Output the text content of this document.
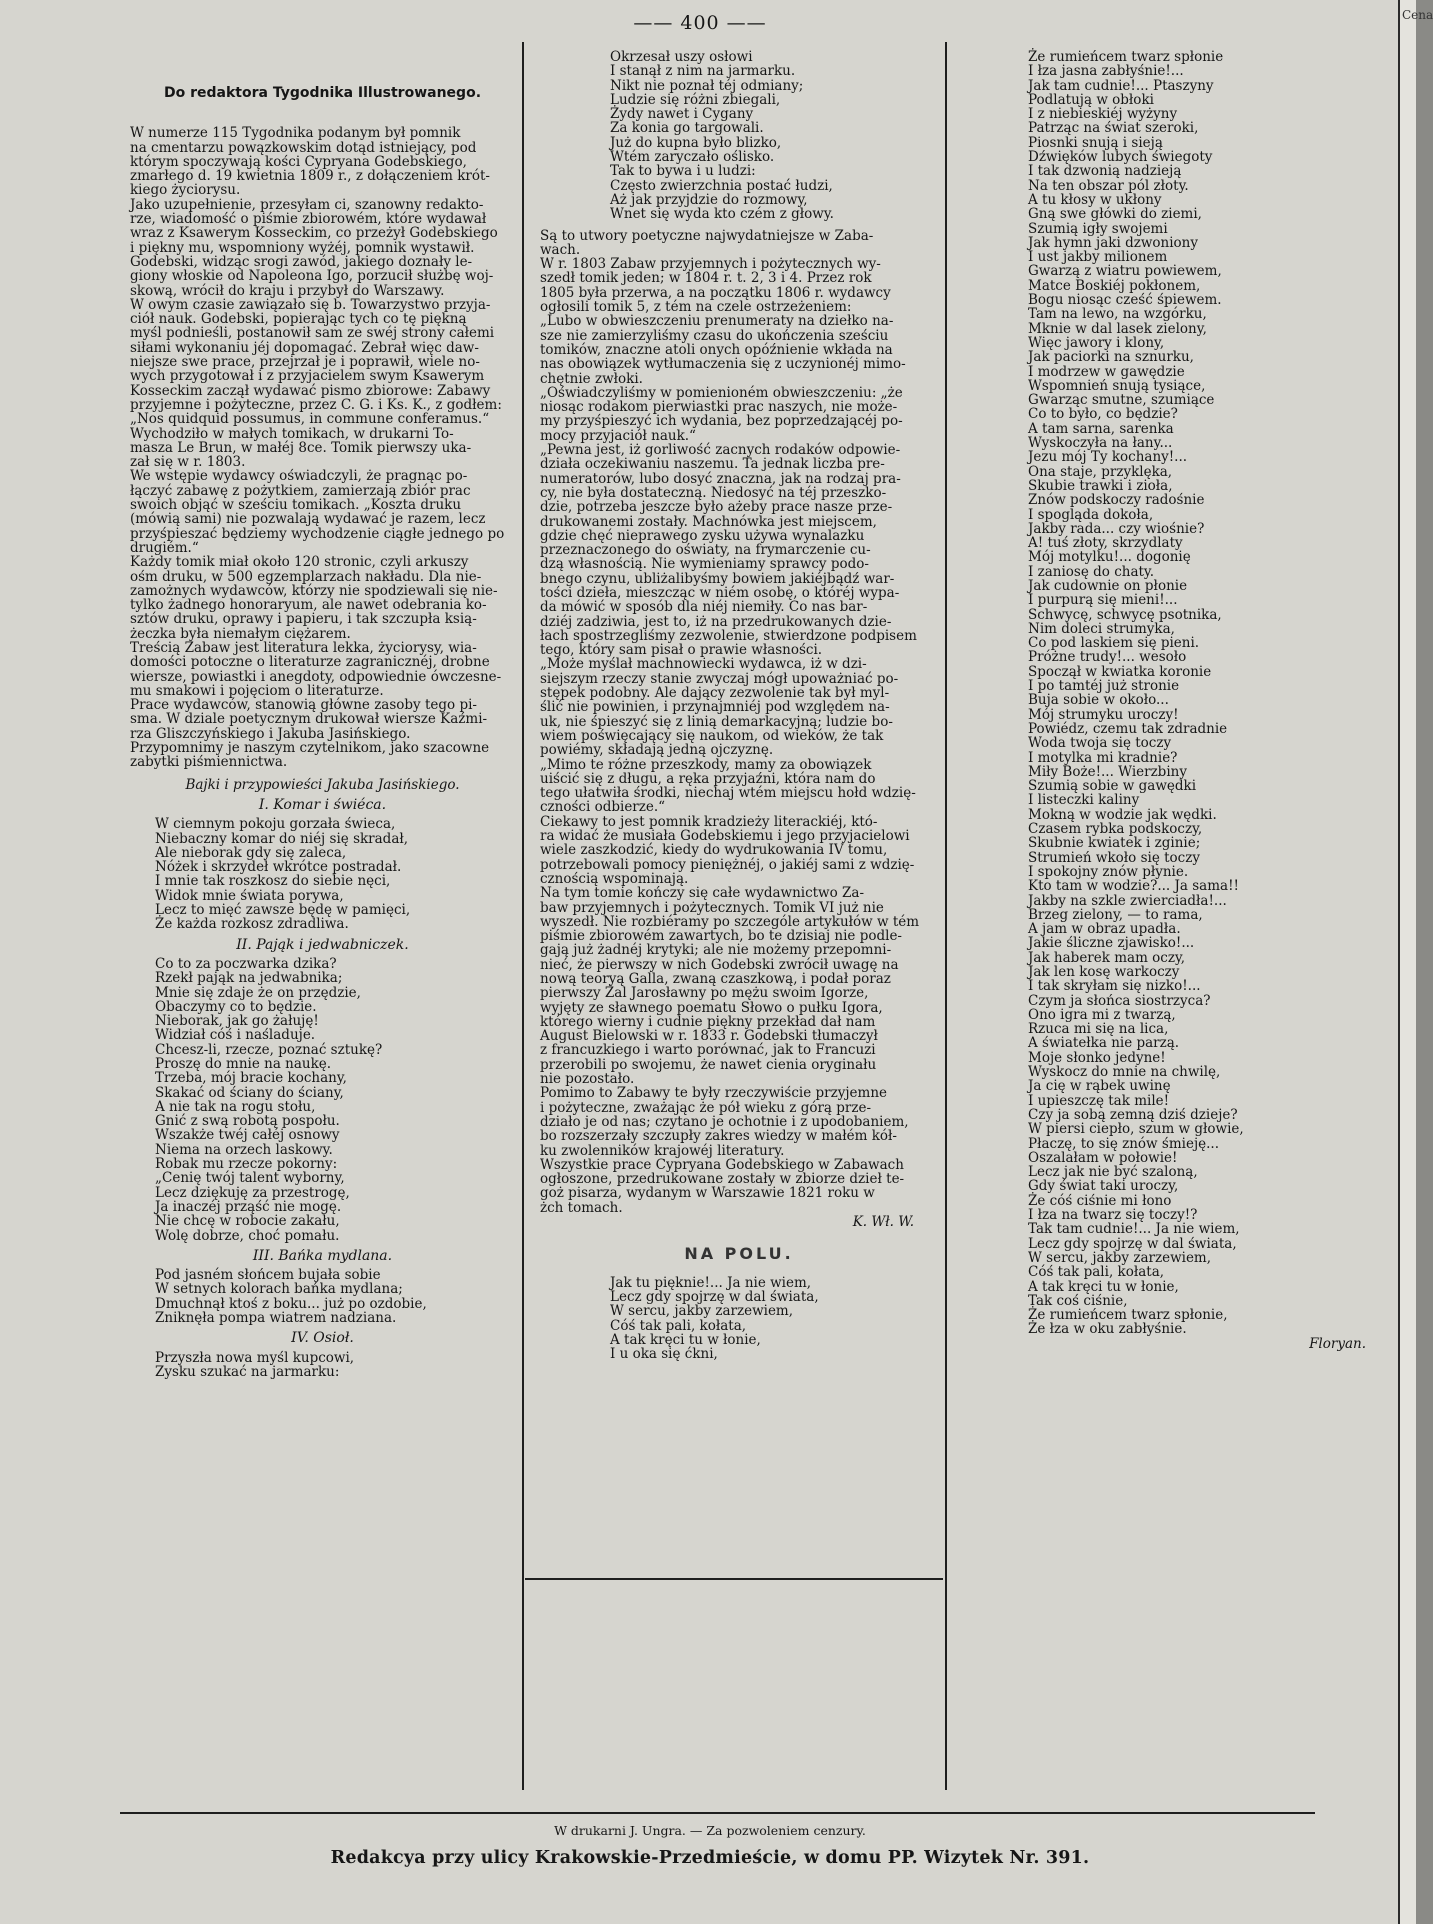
—— 400 ——
Do redaktora Tygodnika Illustrowanego.
W numerze 115 Tygodnika podanym był pomnik
na cmentarzu powązkowskim dotąd istniejący, pod
którym spoczywają kości Cypryana Godebskiego,
zmarłego d. 19 kwietnia 1809 r., z dołączeniem krót-
kiego życiorysu.
Jako uzupełnienie, przesyłam ci, szanowny redakto-
rze, wiadomość o piśmie zbiorowém, które wydawał
wraz z Ksawerym Kosseckim, co przeżył Godebskiego
i piękny mu, wspomniony wyżéj, pomnik wystawił.
Godebski, widząc srogi zawód, jakiego doznały le-
giony włoskie od Napoleona Igo, porzucił służbę woj-
skową, wrócił do kraju i przybył do Warszawy.
W owym czasie zawiązało się b. Towarzystwo przyja-
ciół nauk. Godebski, popierając tych co tę piękną
myśl podnieśli, postanowił sam ze swéj strony całemi
siłami wykonaniu jéj dopomagać. Zebrał więc daw-
niejsze swe prace, przejrzał je i poprawił, wiele no-
wych przygotował i z przyjacielem swym Ksawerym
Kosseckim zaczął wydawać pismo zbiorowe: Zabawy
przyjemne i pożyteczne, przez C. G. i Ks. K., z godłem:
„Nos quidquid possumus, in commune conferamus.“
Wychodziło w małych tomikach, w drukarni To-
masza Le Brun, w małéj 8ce. Tomik pierwszy uka-
zał się w r. 1803.
We wstępie wydawcy oświadczyli, że pragnąc po-
łączyć zabawę z pożytkiem, zamierzają zbiór prac
swoich objąć w sześciu tomikach. „Koszta druku
(mówią sami) nie pozwalają wydawać je razem, lecz
przyśpieszać będziemy wychodzenie ciągłe jednego po
drugiém.“
Każdy tomik miał około 120 stronic, czyli arkuszy
ośm druku, w 500 egzemplarzach nakładu. Dla nie-
zamożnych wydawców, którzy nie spodziewali się nie-
tylko żadnego honoraryum, ale nawet odebrania ko-
sztów druku, oprawy i papieru, i tak szczupła ksią-
żeczka była niemałym ciężarem.
Treścią Zabaw jest literatura lekka, życiorysy, wia-
domości potoczne o literaturze zagranicznéj, drobne
wiersze, powiastki i anegdoty, odpowiednie ówczesne-
mu smakowi i pojęciom o literaturze.
Prace wydawców, stanowią główne zasoby tego pi-
sma. W dziale poetycznym drukował wiersze Kaźmi-
rza Gliszczyńskiego i Jakuba Jasińskiego.
Przypomnimy je naszym czytelnikom, jako szacowne
zabytki piśmiennictwa.
Bajki i przypowieści Jakuba Jasińskiego.
I. Komar i świéca.
W ciemnym pokoju gorzała świeca,
Niebaczny komar do niéj się skradał,
Ale nieborak gdy się zaleca,
Nóżek i skrzydeł wkrótce postradał.
I mnie tak roszkosz do siebie nęci,
Widok mnie świata porywa,
Lecz to mięć zawsze będę w pamięci,
Że każda rozkosz zdradliwa.
II. Pająk i jedwabniczek.
Co to za poczwarka dzika?
Rzekł pająk na jedwabnika;
Mnie się zdaje że on przędzie,
Obaczymy co to będzie.
Nieborak, jak go żałuję!
Widział cóś i naśladuje.
Chcesz-li, rzecze, poznać sztukę?
Proszę do mnie na naukę.
Trzeba, mój bracie kochany,
Skakać od ściany do ściany,
A nie tak na rogu stołu,
Gnić z swą robotą pospołu.
Wszakże twéj całéj osnowy
Niema na orzech laskowy.
Robak mu rzecze pokorny:
„Cenię twój talent wyborny,
Lecz dziękuję za przestrogę,
Ja inaczéj prząść nie mogę.
Nie chcę w robocie zakału,
Wolę dobrze, choć pomału.
III. Bańka mydlana.
Pod jasném słońcem bujała sobie
W setnych kolorach bańka mydlana;
Dmuchnął ktoś z boku... już po ozdobie,
Zniknęła pompa wiatrem nadziana.
IV. Osioł.
Przyszła nowa myśl kupcowi,
Zysku szukać na jarmarku:
Okrzesał uszy osłowi
I stanął z nim na jarmarku.
Nikt nie poznał téj odmiany;
Ludzie się różni zbiegali,
Żydy nawet i Cygany
Za konia go targowali.
Już do kupna było blizko,
Wtém zaryczało oślisko.
Tak to bywa i u ludzi:
Często zwierzchnia postać łudzi,
Aż jak przyjdzie do rozmowy,
Wnet się wyda kto czém z głowy.
Są to utwory poetyczne najwydatniejsze w Zaba-
wach.
W r. 1803 Zabaw przyjemnych i pożytecznych wy-
szedł tomik jeden; w 1804 r. t. 2, 3 i 4. Przez rok
1805 była przerwa, a na początku 1806 r. wydawcy
ogłosili tomik 5, z tém na czele ostrzeżeniem:
„Lubo w obwieszczeniu prenumeraty na dziełko na-
sze nie zamierzyliśmy czasu do ukończenia sześciu
tomików, znaczne atoli onych opóźnienie wkłada na
nas obowiązek wytłumaczenia się z uczynionéj mimo-
chętnie zwłoki.
„Oświadczyliśmy w pomienioném obwieszczeniu: „że
niosąc rodakom pierwiastki prac naszych, nie może-
my przyśpieszyć ich wydania, bez poprzedzającéj po-
mocy przyjaciół nauk.“
„Pewna jest, iż gorliwość zacnych rodaków odpowie-
działa oczekiwaniu naszemu. Ta jednak liczba pre-
numeratorów, lubo dosyć znaczna, jak na rodzaj pra-
cy, nie była dostateczną. Niedosyć na téj przeszko-
dzie, potrzeba jeszcze było ażeby prace nasze prze-
drukowanemi zostały. Machnówka jest miejscem,
gdzie chęć nieprawego zysku używa wynalazku
przeznaczonego do oświaty, na frymarczenie cu-
dzą własnością. Nie wymieniamy sprawcy podo-
bnego czynu, ubliżalibyśmy bowiem jakiéjbądź war-
tości dzieła, mieszcząc w niém osobę, o któréj wypa-
da mówić w sposób dla niéj niemiły. Co nas bar-
dziéj zadziwia, jest to, iż na przedrukowanych dzie-
łach spostrzegliśmy zezwolenie, stwierdzone podpisem
tego, który sam pisał o prawie własności.
„Może myślał machnowiecki wydawca, iż w dzi-
siejszym rzeczy stanie zwyczaj mógł upoważniać po-
stępek podobny. Ale dający zezwolenie tak był myl-
ślić nie powinien, i przynajmniéj pod względem na-
uk, nie śpieszyć się z linią demarkacyjną; ludzie bo-
wiem poświęcający się naukom, od wieków, że tak
powiémy, składają jedną ojczyznę.
„Mimo te różne przeszkody, mamy za obowiązek
uiścić się z długu, a ręka przyjaźni, która nam do
tego ułatwiła środki, niechaj wtém miejscu hołd wdzię-
czności odbierze.“
Ciekawy to jest pomnik kradzieży literackiéj, któ-
ra widać że musiała Godebskiemu i jego przyjacielowi
wiele zaszkodzić, kiedy do wydrukowania IV tomu,
potrzebowali pomocy pieniężnéj, o jakiéj sami z wdzię-
cznością wspominają.
Na tym tomie kończy się całe wydawnictwo Za-
baw przyjemnych i pożytecznych. Tomik VI już nie
wyszedł. Nie rozbiéramy po szczególe artykułów w tém
piśmie zbiorowém zawartych, bo te dzisiaj nie podle-
gają już żadnéj krytyki; ale nie możemy przepomni-
nieć, że pierwszy w nich Godebski zwrócił uwagę na
nową teoryą Galla, zwaną czaszkową, i podał poraz
pierwszy Żal Jarosławny po mężu swoim Igorze,
wyjęty ze sławnego poematu Słowo o pułku Igora,
którego wierny i cudnie piękny przekład dał nam
August Bielowski w r. 1833 r. Godebski tłumaczył
z francuzkiego i warto porównać, jak to Francuzi
przerobili po swojemu, że nawet cienia oryginału
nie pozostało.
Pomimo to Zabawy te były rzeczywiście przyjemne
i pożyteczne, zważając że pół wieku z górą prze-
działo je od nas; czytano je ochotnie i z upodobaniem,
bo rozszerzały szczupły zakres wiedzy w małém kół-
ku zwolenników krajowéj literatury.
Wszystkie prace Cypryana Godebskiego w Zabawach
ogłoszone, przedrukowane zostały w zbiorze dzieł te-
goż pisarza, wydanym w Warszawie 1821 roku w
żch tomach.
K. Wł. W.
NA POLU.
Jak tu pięknie!... Ja nie wiem,
Lecz gdy spojrzę w dal świata,
W sercu, jakby zarzewiem,
Cóś tak pali, kołata,
A tak kręci tu w łonie,
I u oka się ćkni,
Że rumieńcem twarz spłonie
I łza jasna zabłyśnie!...
Jak tam cudnie!... Ptaszyny
Podlatują w obłoki
I z niebieskiéj wyżyny
Patrząc na świat szeroki,
Piosnki snują i sieją
Dźwięków lubych świegoty
I tak dzwonią nadzieją
Na ten obszar pól złoty.
A tu kłosy w ukłony
Gną swe główki do ziemi,
Szumią igły swojemi
Jak hymn jaki dzwoniony
I ust jakby milionem
Gwarzą z wiatru powiewem,
Matce Boskiéj pokłonem,
Bogu niosąc cześć śpiewem.
Tam na lewo, na wzgórku,
Mknie w dal lasek zielony,
Więc jawory i klony,
Jak paciorki na sznurku,
I modrzew w gawędzie
Wspomnień snują tysiące,
Gwarząc smutne, szumiące
Co to było, co będzie?
A tam sarna, sarenka
Wyskoczyła na łany...
Jezu mój Ty kochany!...
Ona staje, przyklęka,
Skubie trawki i zioła,
Znów podskoczy radośnie
I spogląda dokoła,
Jakby rada... czy wiośnie?
A! tuś złoty, skrzydlaty
Mój motylku!... dogonię
I zaniosę do chaty.
Jak cudownie on płonie
I purpurą się mieni!...
Schwycę, schwycę psotnika,
Nim doleci strumyka,
Co pod laskiem się pieni.
Próżne trudy!... wesoło
Spoczął w kwiatka koronie
I po tamtéj już stronie
Buja sobie w około...
Mój strumyku uroczy!
Powiédz, czemu tak zdradnie
Woda twoja się toczy
I motylka mi kradnie?
Miły Boże!... Wierzbiny
Szumią sobie w gawędki
I listeczki kaliny
Mokną w wodzie jak wędki.
Czasem rybka podskoczy,
Skubnie kwiatek i zginie;
Strumień wkoło się toczy
I spokojny znów płynie.
Kto tam w wodzie?... Ja sama!!
Jakby na szkle zwierciadła!...
Brzeg zielony, — to rama,
A jam w obraz upadła.
Jakie śliczne zjawisko!...
Jak haberek mam oczy,
Jak len kosę warkoczy
I tak skryłam się nizko!...
Czym ja słońca siostrzyca?
Ono igra mi z twarzą,
Rzuca mi się na lica,
A światełka nie parzą.
Moje słonko jedyne!
Wyskocz do mnie na chwilę,
Ja cię w rąbek uwinę
I upieszczę tak mile!
Czy ja sobą zemną dziś dzieje?
W piersi ciepło, szum w głowie,
Płaczę, to się znów śmieję...
Oszalałam w połowie!
Lecz jak nie być szaloną,
Gdy świat taki uroczy,
Że cóś ciśnie mi łono
I łza na twarz się toczy!?
Tak tam cudnie!... Ja nie wiem,
Lecz gdy spojrzę w dal świata,
W sercu, jakby zarzewiem,
Cóś tak pali, kołata,
A tak kręci tu w łonie,
Tak coś ciśnie,
Że rumieńcem twarz spłonie,
Że łza w oku zabłyśnie.
Floryan.
W drukarni J. Ungra. — Za pozwoleniem cenzury.
Redakcya przy ulicy Krakowskie-Przedmieście, w domu PP. Wizytek Nr. 391.
Cena
